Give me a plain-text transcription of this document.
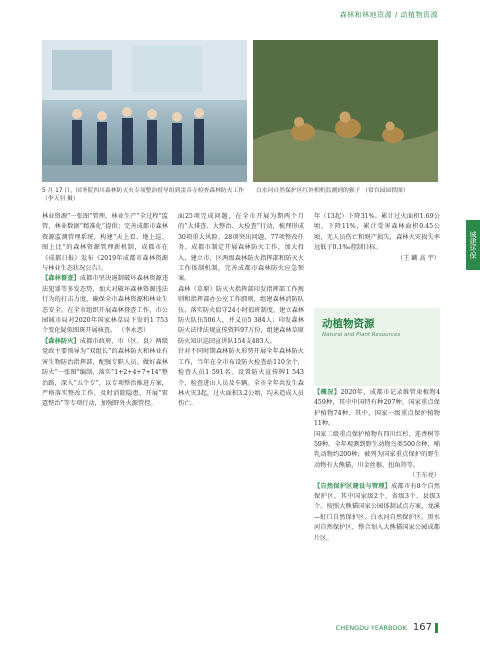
森林和林地资源 / 动植物资源
5 月 17 日，国务院四川森林防灭火专项整治督导组到雷音寺检查森林防火工作（李天羽 摄）
白水河自然保护区红外相机监测到的猴子 （常台园园供图）
城建环保

林业资源“一张图”管理，林业生产“全过程”监管，林业数据“精准化”提供；完善成都市森林资源监测管理系统，构建“天上看、地上巡、图上比”的森林资源管理新机制，成都市在《成都日报》发布《2019年成都市森林资源与林业生态状况公告》。

【森林督查】成都市坚决遏制破坏森林资源违法犯罪等多发态势，加大对破坏森林资源违法行为的打击力度，确保全市森林资源和林业生态安全，在全市组织开展森林督查工作，市公园城市局对2020年国家林草局下发的1 753个变化疑似图斑开展核查。 （李永恋）

【森林防火】成都市政府、市（区、县）两级党政主要领导为“双组长”的森林防火和林业有害生物防治指挥部，配强专职人员。做好森林防火“一张图”编制，落实“1+2+4+7+14”整治路，深入“五个专”，以专项整治推进方案，严格落实整改工作，及时消除隐患，开展“雷霆整治”等专项行动，加强野外火源管控。

面25项完成问题，在全市开展为期两个月的“大排查、大整治、大检查”行动，梳理形成30项重大风险、28项突出问题，77项整改任务。成都市制定开展森林防火工作，加大投入，建立市、区两级森林防火指挥部和防灭火工作体制机制，完善成都市森林防火应急预案。

森林（草原）防灭火指挥部印发指挥部工作规则和指挥部办公室工作细则，组建森林消防队伍，落实防火值守24小时值班制度，建立森林防火队伍506人，并义员5 384人；印发森林防火法律法规宣传资料97万份，组建森林草原防火知识巡回宣讲队154支483人。

针对不同时期森林防火形势开展全年森林防火工作，当年在全市布设防火检查站110余个，检查人员1 591名，设置防火宣传牌1 543个，检查进山人员及车辆。全市全年共发生森林火灾3起，过火面积3.2公顷，均未造成人员伤亡。

年（13起）下降31%。累计过火面积1.69公顷，下降11%，累计受害森林面积0.45公顷，无人员伤亡和财产损失，森林火灾损失率远低于0.1‰控制目标。

（王 麟 高 宇）

动植物资源
Natural and Plant Resources

【概况】2020年，成都市记录维管束植物4 459种，其中中国特有种207种，国家重点保护植物74种。其中，国家一级重点保护植物11种。

国家二级重点保护植物有四川红杉、连香树等59种。全年观测到野生动物鸟类500余种，哺乳动物约200种，被列为国家重点保护的野生动物有大熊猫、川金丝猴、扭角羚等。

（王东亮）

【自然保护区建设与管理】成都市有8个自然保护区，其中国家级2个、省级3个、县级3个。按照大熊猫国家公园体制试点方案，龙溪—虹口自然保护区、白水河自然保护区、黑水河自然保护区，整合划入大熊猫国家公园成都片区。

CHENGDU YEARBOOK 167
